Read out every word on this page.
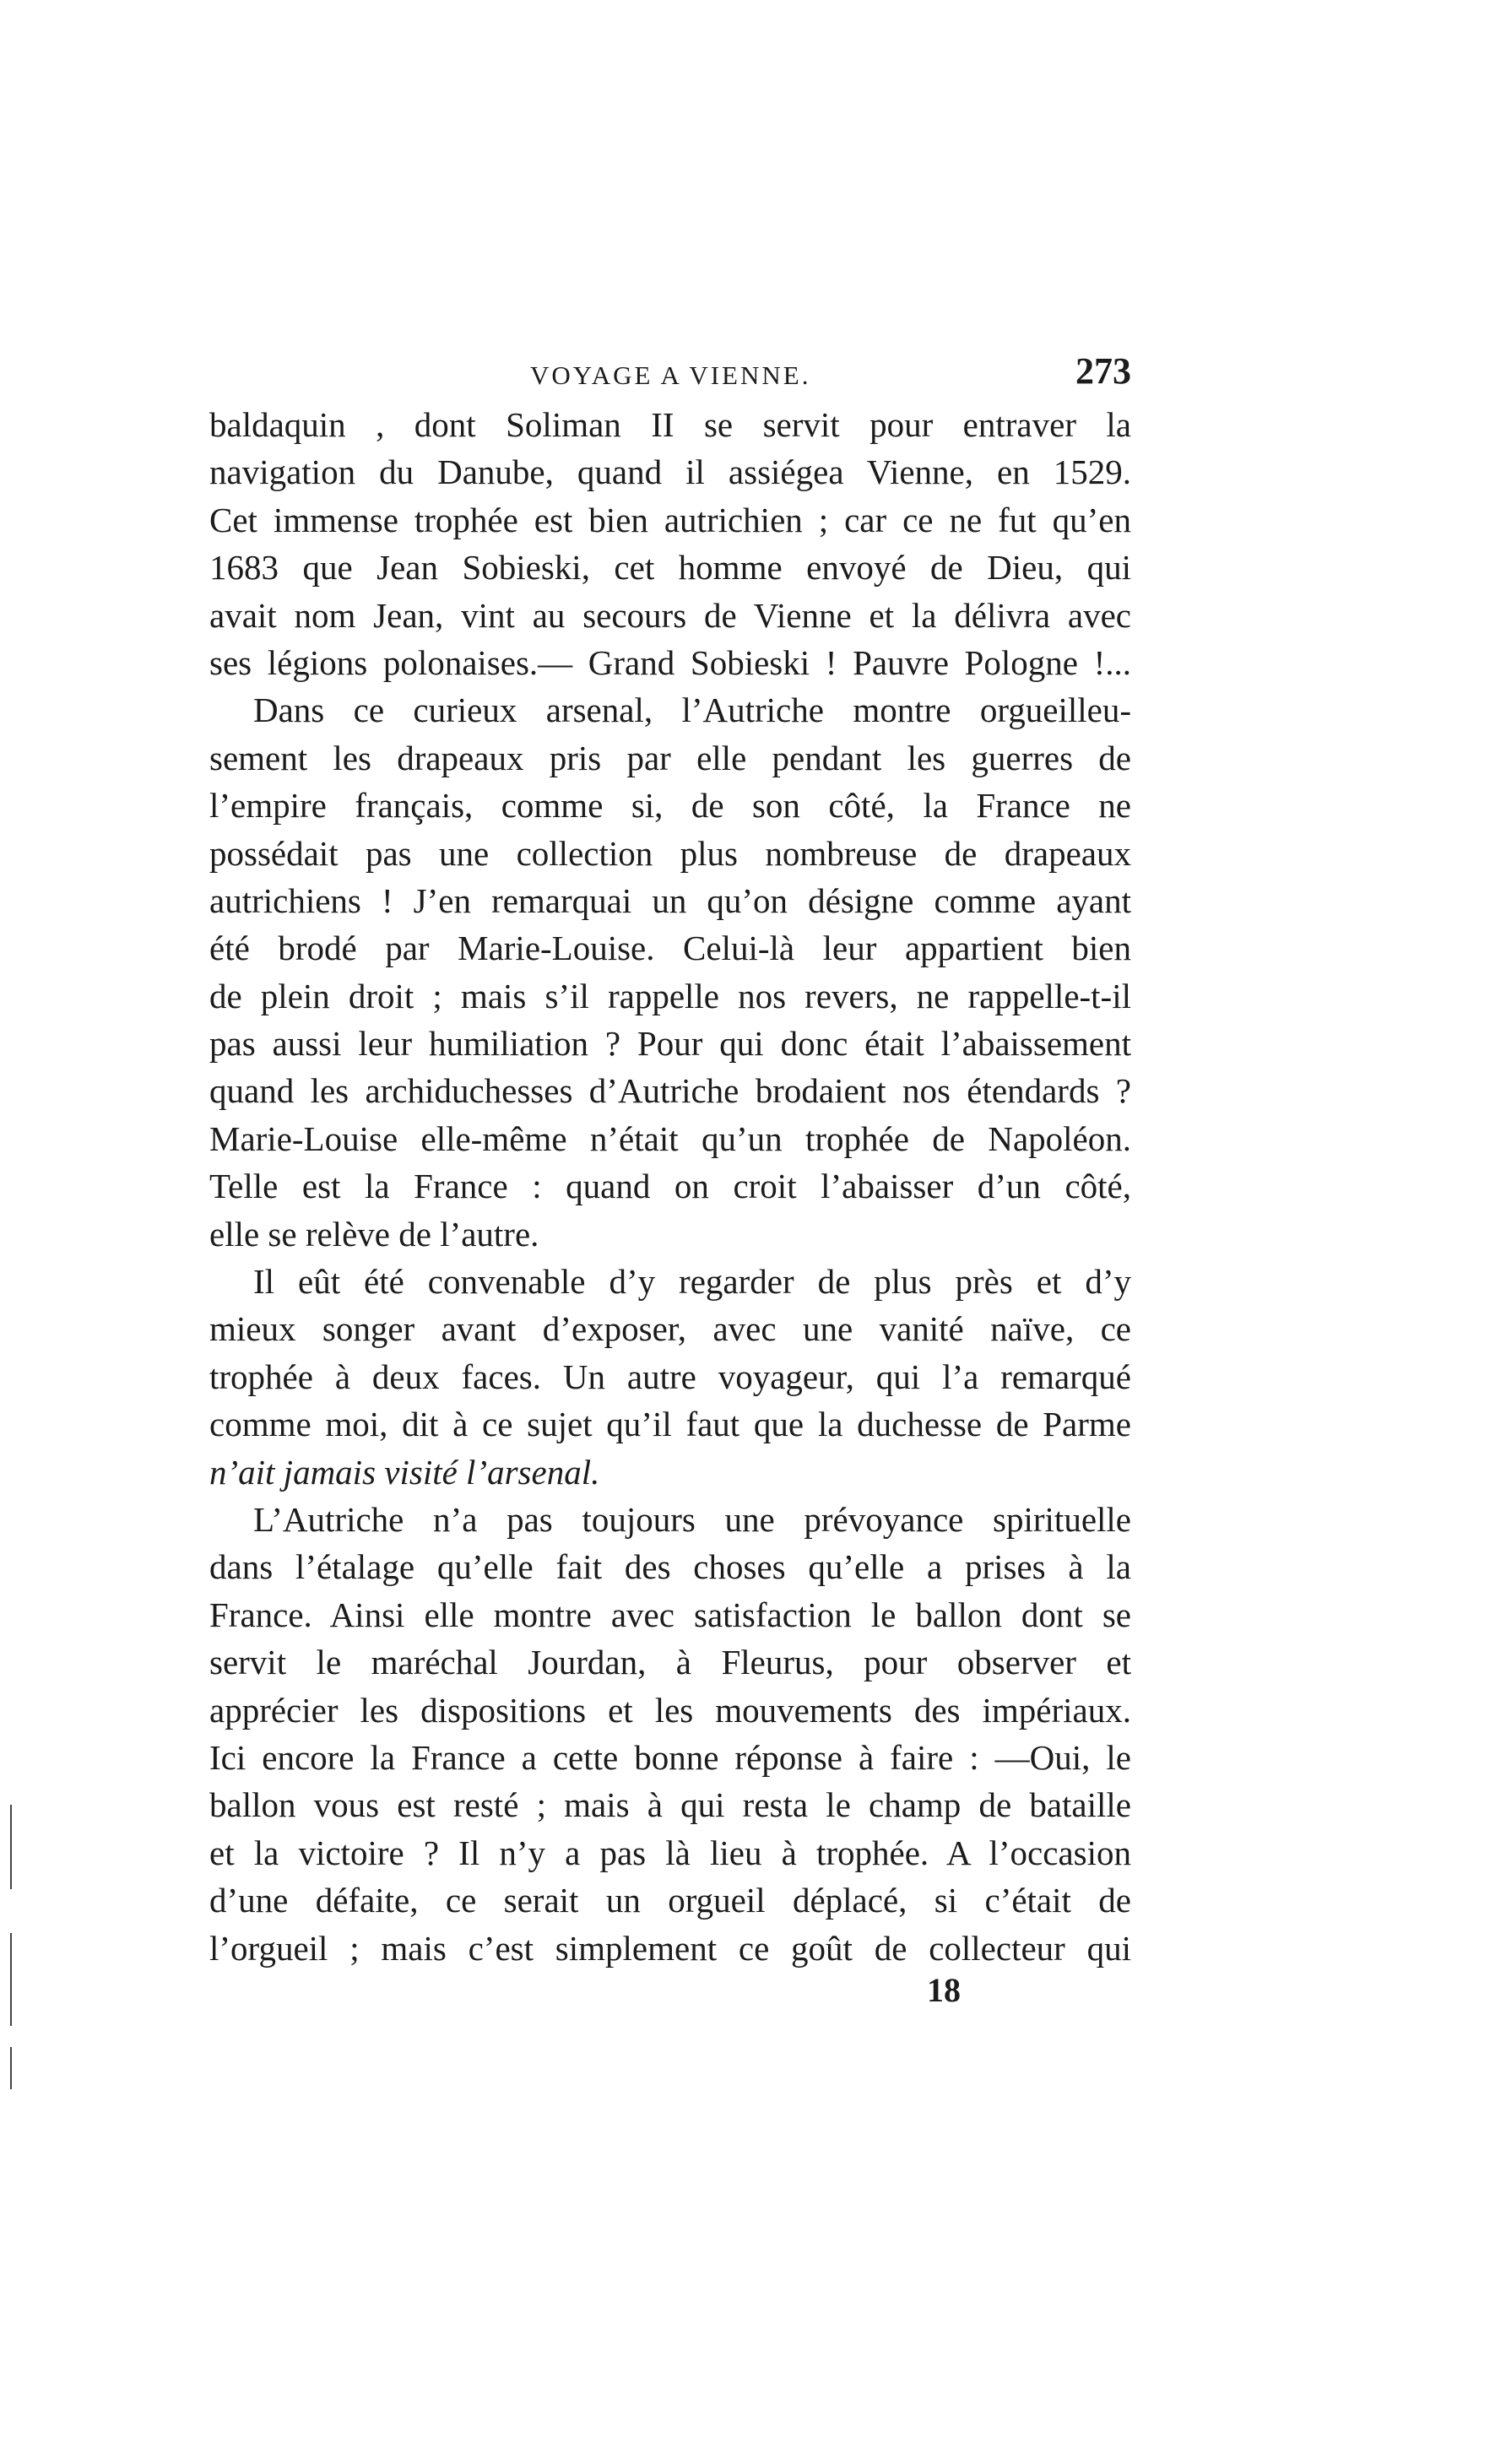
VOYAGE A VIENNE.	273
baldaquin , dont Soliman II se servit pour entraver la
navigation du Danube, quand il assiégea Vienne, en 1529.
Cet immense trophée est bien autrichien ; car ce ne fut qu’en
1683 que Jean Sobieski, cet homme envoyé de Dieu, qui
avait nom Jean, vint au secours de Vienne et la délivra avec
ses légions polonaises.— Grand Sobieski ! Pauvre Pologne !...
Dans ce curieux arsenal, l’Autriche montre orgueilleu-
sement les drapeaux pris par elle pendant les guerres de
l’empire français, comme si, de son côté, la France ne
possédait pas une collection plus nombreuse de drapeaux
autrichiens ! J’en remarquai un qu’on désigne comme ayant
été brodé par Marie-Louise. Celui-là leur appartient bien
de plein droit ; mais s’il rappelle nos revers, ne rappelle-t-il
pas aussi leur humiliation ? Pour qui donc était l’abaissement
quand les archiduchesses d’Autriche brodaient nos étendards ?
Marie-Louise elle-même n’était qu’un trophée de Napoléon.
Telle est la France : quand on croit l’abaisser d’un côté,
elle se relève de l’autre.
Il eût été convenable d’y regarder de plus près et d’y
mieux songer avant d’exposer, avec une vanité naïve, ce
trophée à deux faces. Un autre voyageur, qui l’a remarqué
comme moi, dit à ce sujet qu’il faut que la duchesse de Parme
n’ait jamais visité l’arsenal.
L’Autriche n’a pas toujours une prévoyance spirituelle
dans l’étalage qu’elle fait des choses qu’elle a prises à la
France. Ainsi elle montre avec satisfaction le ballon dont se
servit le maréchal Jourdan, à Fleurus, pour observer et
apprécier les dispositions et les mouvements des impériaux.
Ici encore la France a cette bonne réponse à faire : —Oui, le
ballon vous est resté ; mais à qui resta le champ de bataille
et la victoire ? Il n’y a pas là lieu à trophée. A l’occasion
d’une défaite, ce serait un orgueil déplacé, si c’était de
l’orgueil ; mais c’est simplement ce goût de collecteur qui
18
